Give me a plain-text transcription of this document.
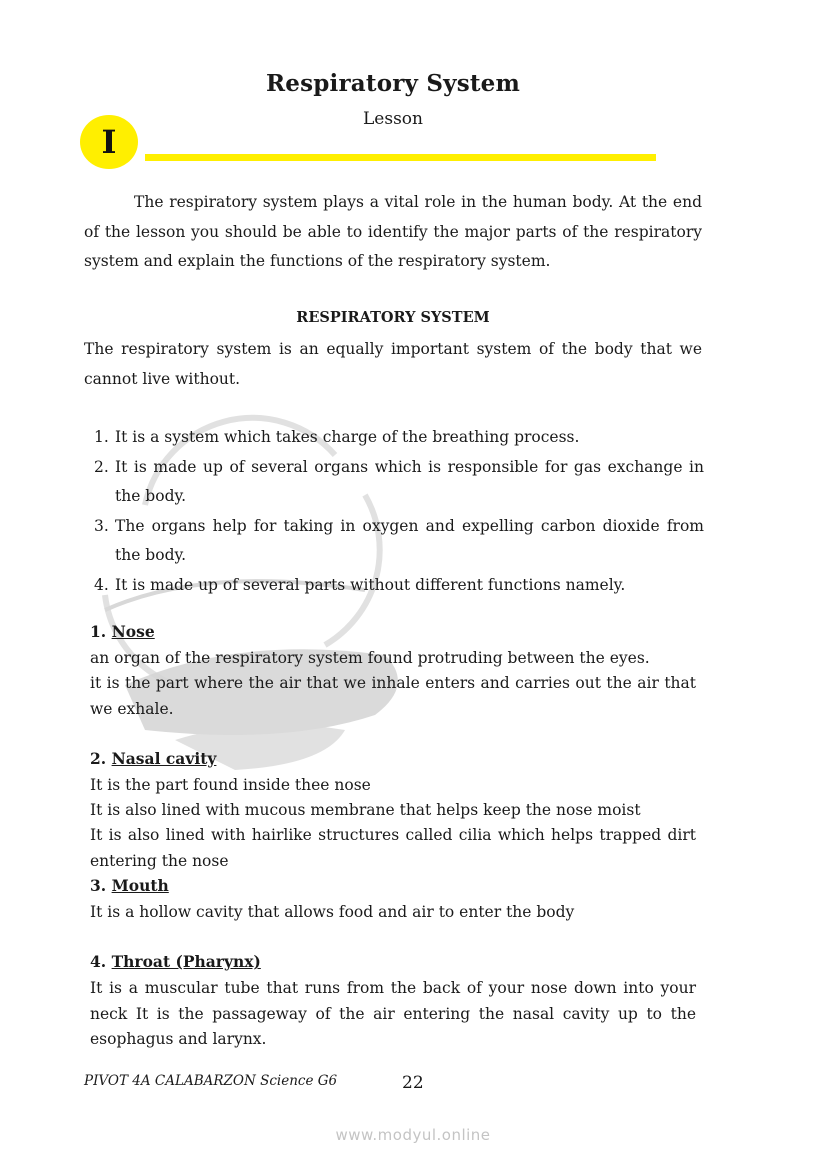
Respiratory System
Lesson
I

The respiratory system plays a vital role in the human body. At the end of the lesson you should be able to identify the major parts of the respiratory system and explain the functions of the respiratory system.

RESPIRATORY SYSTEM

The respiratory system is an equally important system of the body that we cannot live without.

1. It is a system which takes charge of the breathing process.
2. It is made up of several organs which is responsible for gas exchange in the body.
3. The organs help for taking in oxygen and expelling carbon dioxide from the body.
4. It is made up of several parts without different functions namely.
1. Nose

an organ of the respiratory system found protruding between the eyes.

it is the part where the air that we inhale enters and carries out the air that we exhale.

2. Nasal cavity

It is the part found inside thee nose

It is also lined with mucous membrane that helps keep the nose moist

It is also lined with hairlike structures called cilia which helps trapped dirt entering the nose

3. Mouth

It is a hollow cavity that allows food and air to enter the body

4. Throat (Pharynx)

It is a muscular tube that runs from the back of your nose down into your neck It is the passageway of the air entering the nasal cavity up to the esophagus and larynx.

PIVOT 4A CALABARZON Science G6	22
www.modyul.online
